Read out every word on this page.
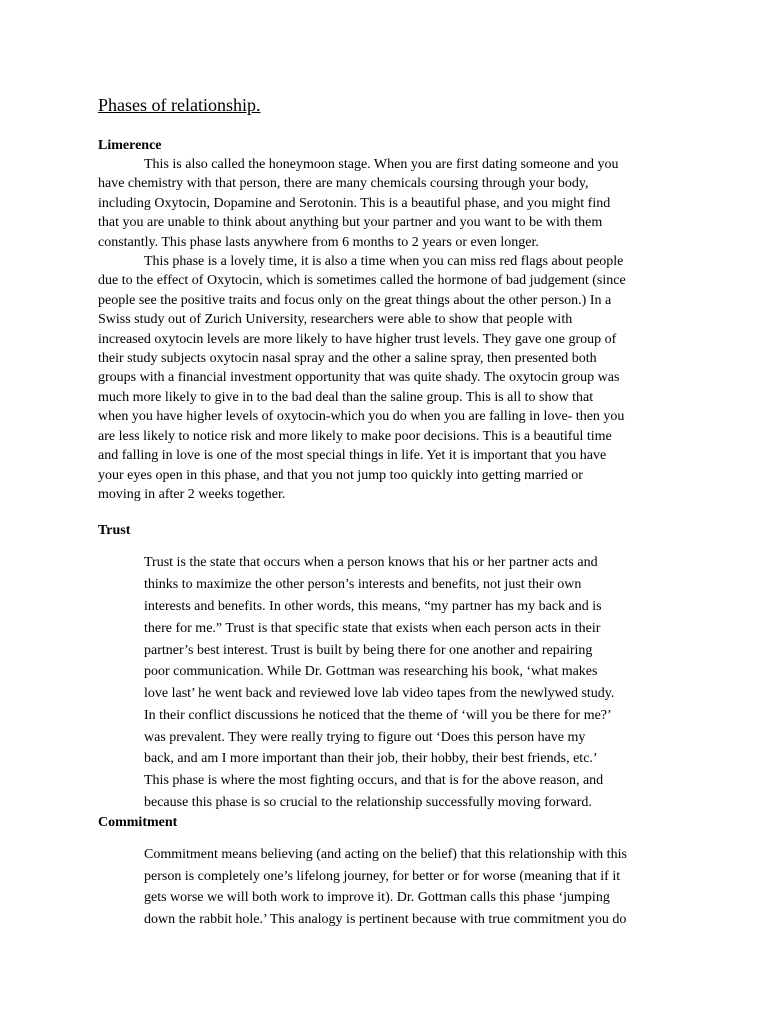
Phases of relationship.
Limerence
This is also called the honeymoon stage. When you are first dating someone and you
have chemistry with that person, there are many chemicals coursing through your body,
including Oxytocin, Dopamine and Serotonin. This is a beautiful phase, and you might find
that you are unable to think about anything but your partner and you want to be with them
constantly. This phase lasts anywhere from 6 months to 2 years or even longer.
This phase is a lovely time, it is also a time when you can miss red flags about people
due to the effect of Oxytocin, which is sometimes called the hormone of bad judgement (since
people see the positive traits and focus only on the great things about the other person.) In a
Swiss study out of Zurich University, researchers were able to show that people with
increased oxytocin levels are more likely to have higher trust levels. They gave one group of
their study subjects oxytocin nasal spray and the other a saline spray, then presented both
groups with a financial investment opportunity that was quite shady. The oxytocin group was
much more likely to give in to the bad deal than the saline group. This is all to show that
when you have higher levels of oxytocin-which you do when you are falling in love- then you
are less likely to notice risk and more likely to make poor decisions. This is a beautiful time
and falling in love is one of the most special things in life. Yet it is important that you have
your eyes open in this phase, and that you not jump too quickly into getting married or
moving in after 2 weeks together.
Trust
Trust is the state that occurs when a person knows that his or her partner acts and
thinks to maximize the other person’s interests and benefits, not just their own
interests and benefits. In other words, this means, “my partner has my back and is
there for me.” Trust is that specific state that exists when each person acts in their
partner’s best interest. Trust is built by being there for one another and repairing
poor communication. While Dr. Gottman was researching his book, ‘what makes
love last’ he went back and reviewed love lab video tapes from the newlywed study.
In their conflict discussions he noticed that the theme of ‘will you be there for me?’
was prevalent. They were really trying to figure out ‘Does this person have my
back, and am I more important than their job, their hobby, their best friends, etc.’
This phase is where the most fighting occurs, and that is for the above reason, and
because this phase is so crucial to the relationship successfully moving forward.
Commitment
Commitment means believing (and acting on the belief) that this relationship with this
person is completely one’s lifelong journey, for better or for worse (meaning that if it
gets worse we will both work to improve it). Dr. Gottman calls this phase ‘jumping
down the rabbit hole.’ This analogy is pertinent because with true commitment you do
